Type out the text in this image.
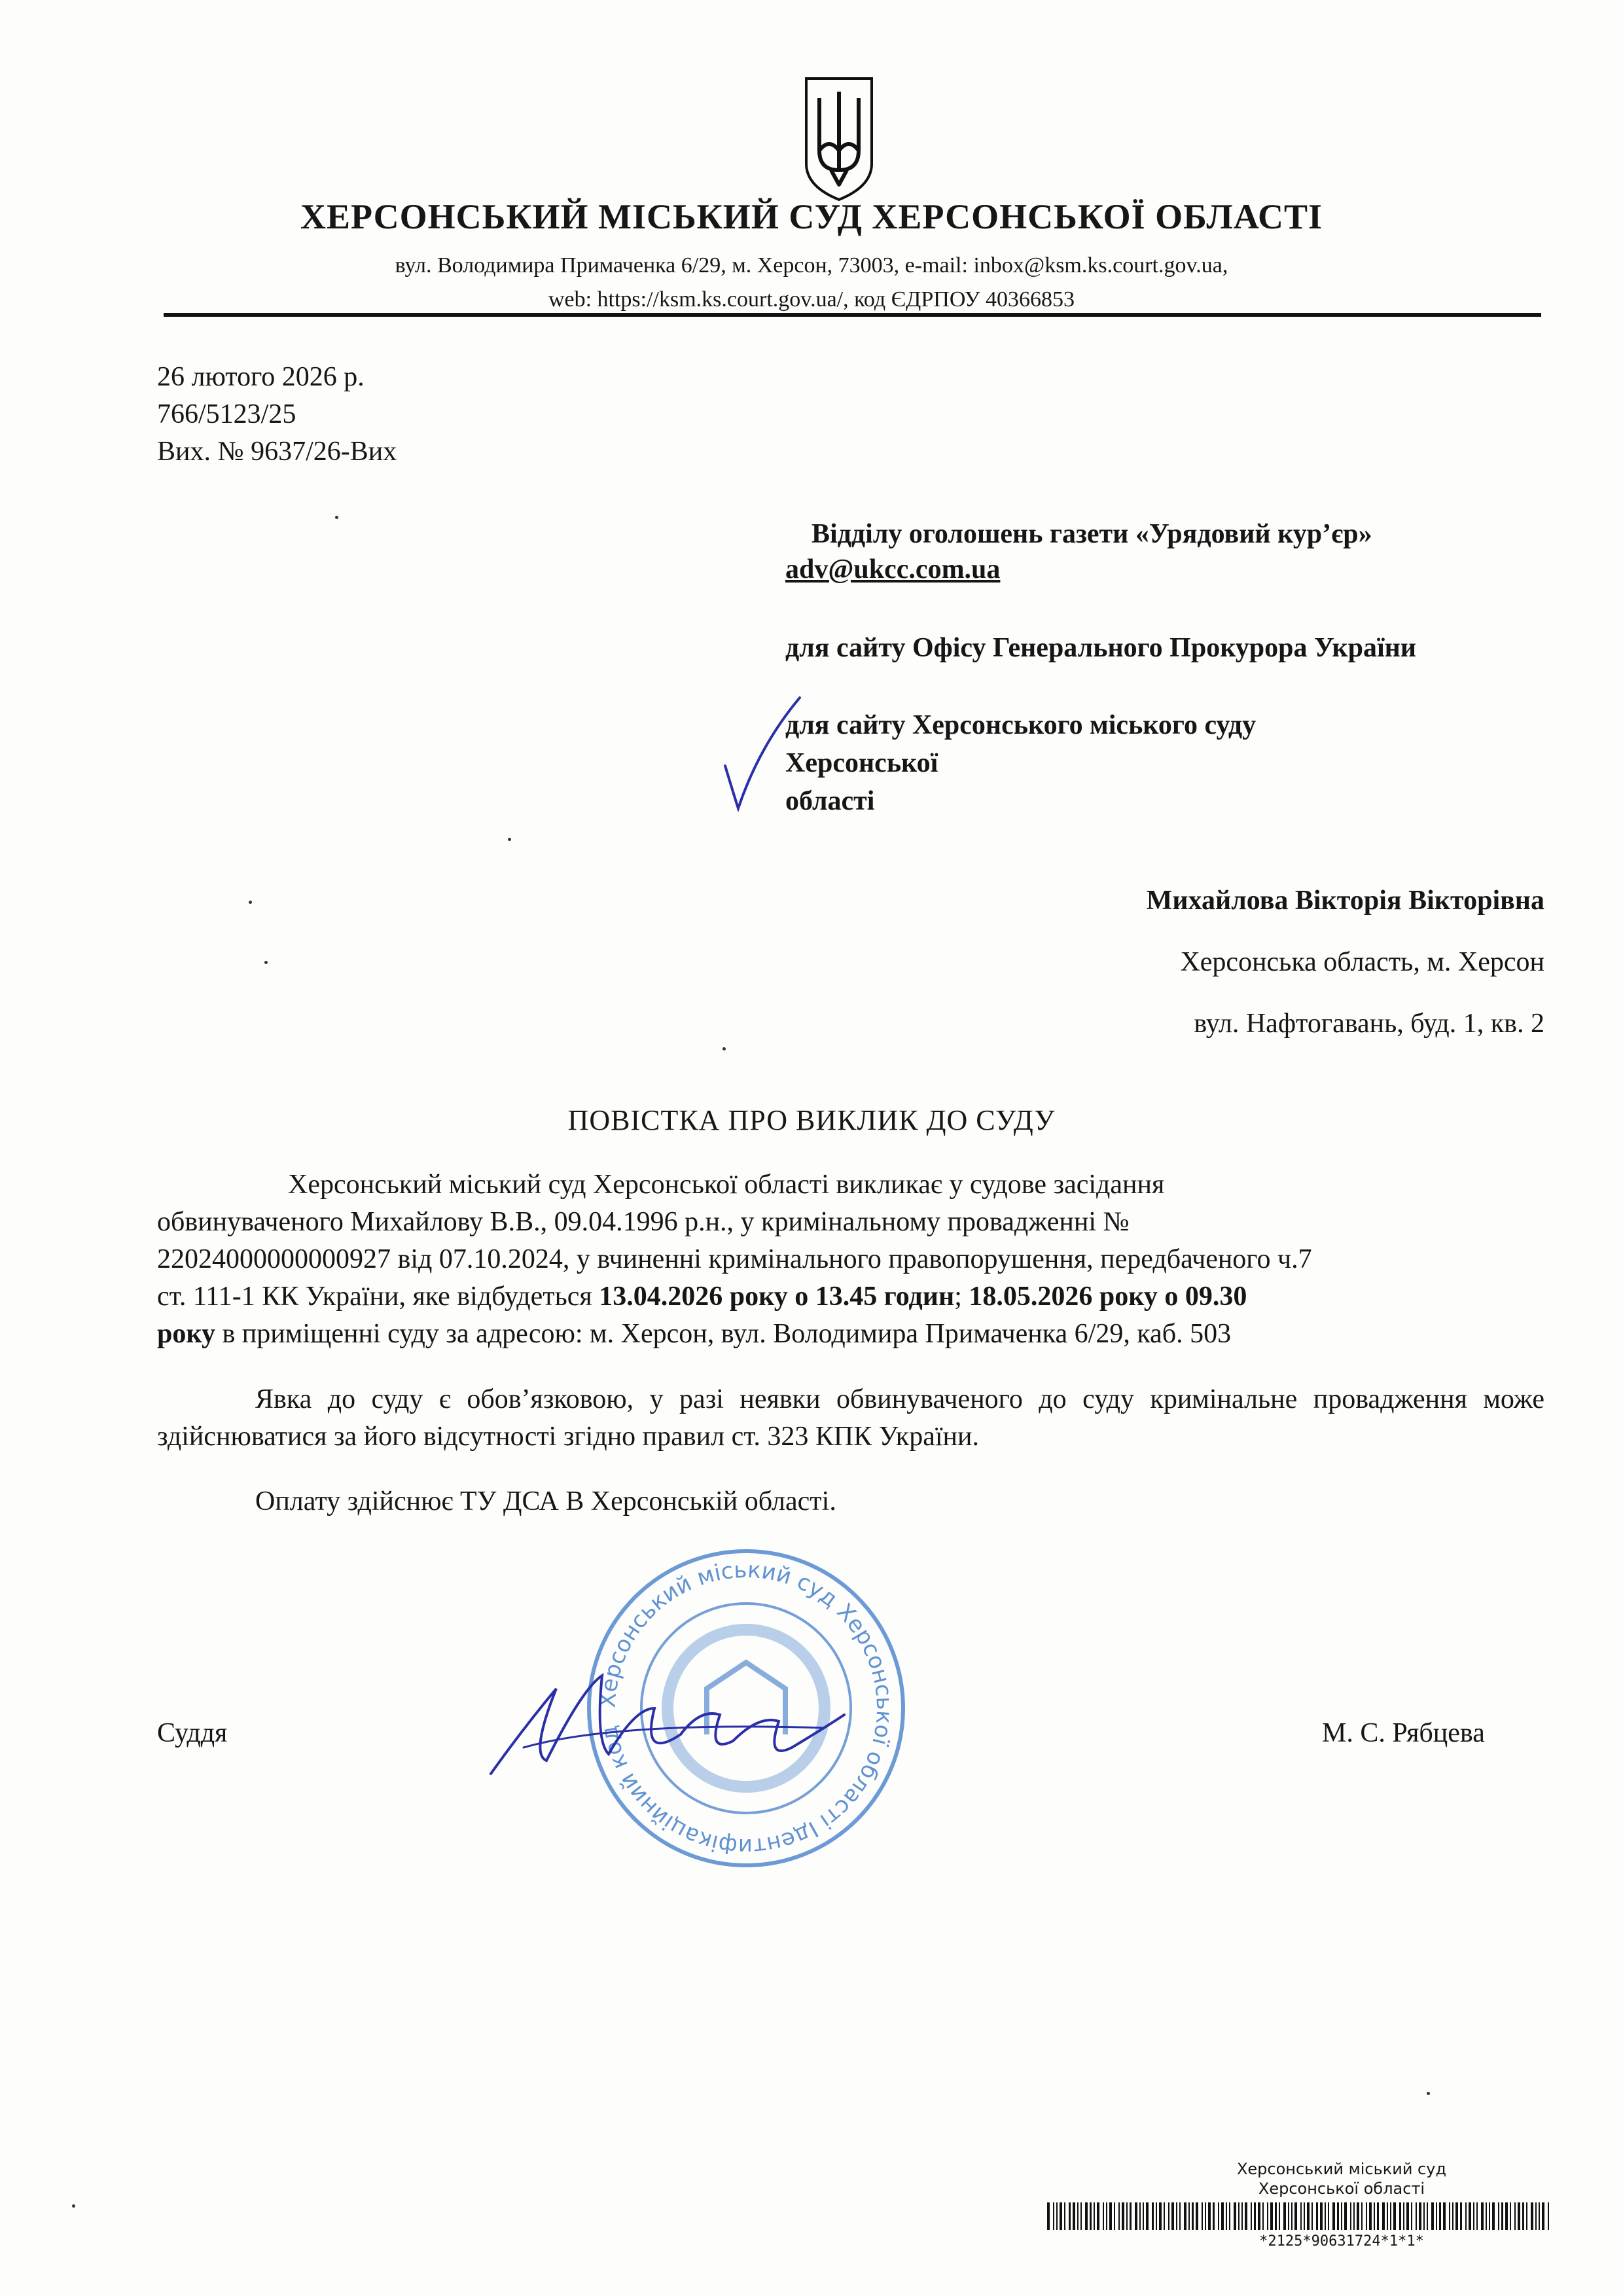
ХЕРСОНСЬКИЙ МІСЬКИЙ СУД ХЕРСОНСЬКОЇ ОБЛАСТІ
вул. Володимира Примаченка 6/29, м. Херсон, 73003, e-mail: inbox@ksm.ks.court.gov.ua,
web: https://ksm.ks.court.gov.ua/, код ЄДРПОУ 40366853
26 лютого 2026 р.
766/5123/25
Вих. № 9637/26-Вих
Відділу оголошень газети «Урядовий кур’єр»
adv@ukcc.com.ua
для сайту Офісу Генерального Прокурора України
для сайту Херсонського міського суду
Херсонської
області
Михайлова Вікторія Вікторівна
Херсонська область, м. Херсон
вул. Нафтогавань, буд. 1, кв. 2
ПОВІСТКА ПРО ВИКЛИК ДО СУДУ
Херсонський міський суд Херсонської області викликає у судове засідання
обвинуваченого Михайлову В.В., 09.04.1996 р.н., у кримінальному провадженні №
22024000000000927 від 07.10.2024, у вчиненні кримінального правопорушення, передбаченого ч.7
ст. 111-1 КК України, яке відбудеться 13.04.2026 року о 13.45 годин; 18.05.2026 року о 09.30
року в приміщенні суду за адресою: м. Херсон, вул. Володимира Примаченка 6/29, каб. 503
Явка до суду є обов’язковою, у разі неявки обвинуваченого до суду кримінальне провадження може здійснюватися за його відсутності згідно правил ст. 323 КПК України.
Оплату здійснює ТУ ДСА В Херсонській області.
Херсонський міський суд Херсонської області Ідентифікаційний код
Суддя	М. С. Рябцева
Херсонський міський суд
Херсонської області
*2125*90631724*1*1*
